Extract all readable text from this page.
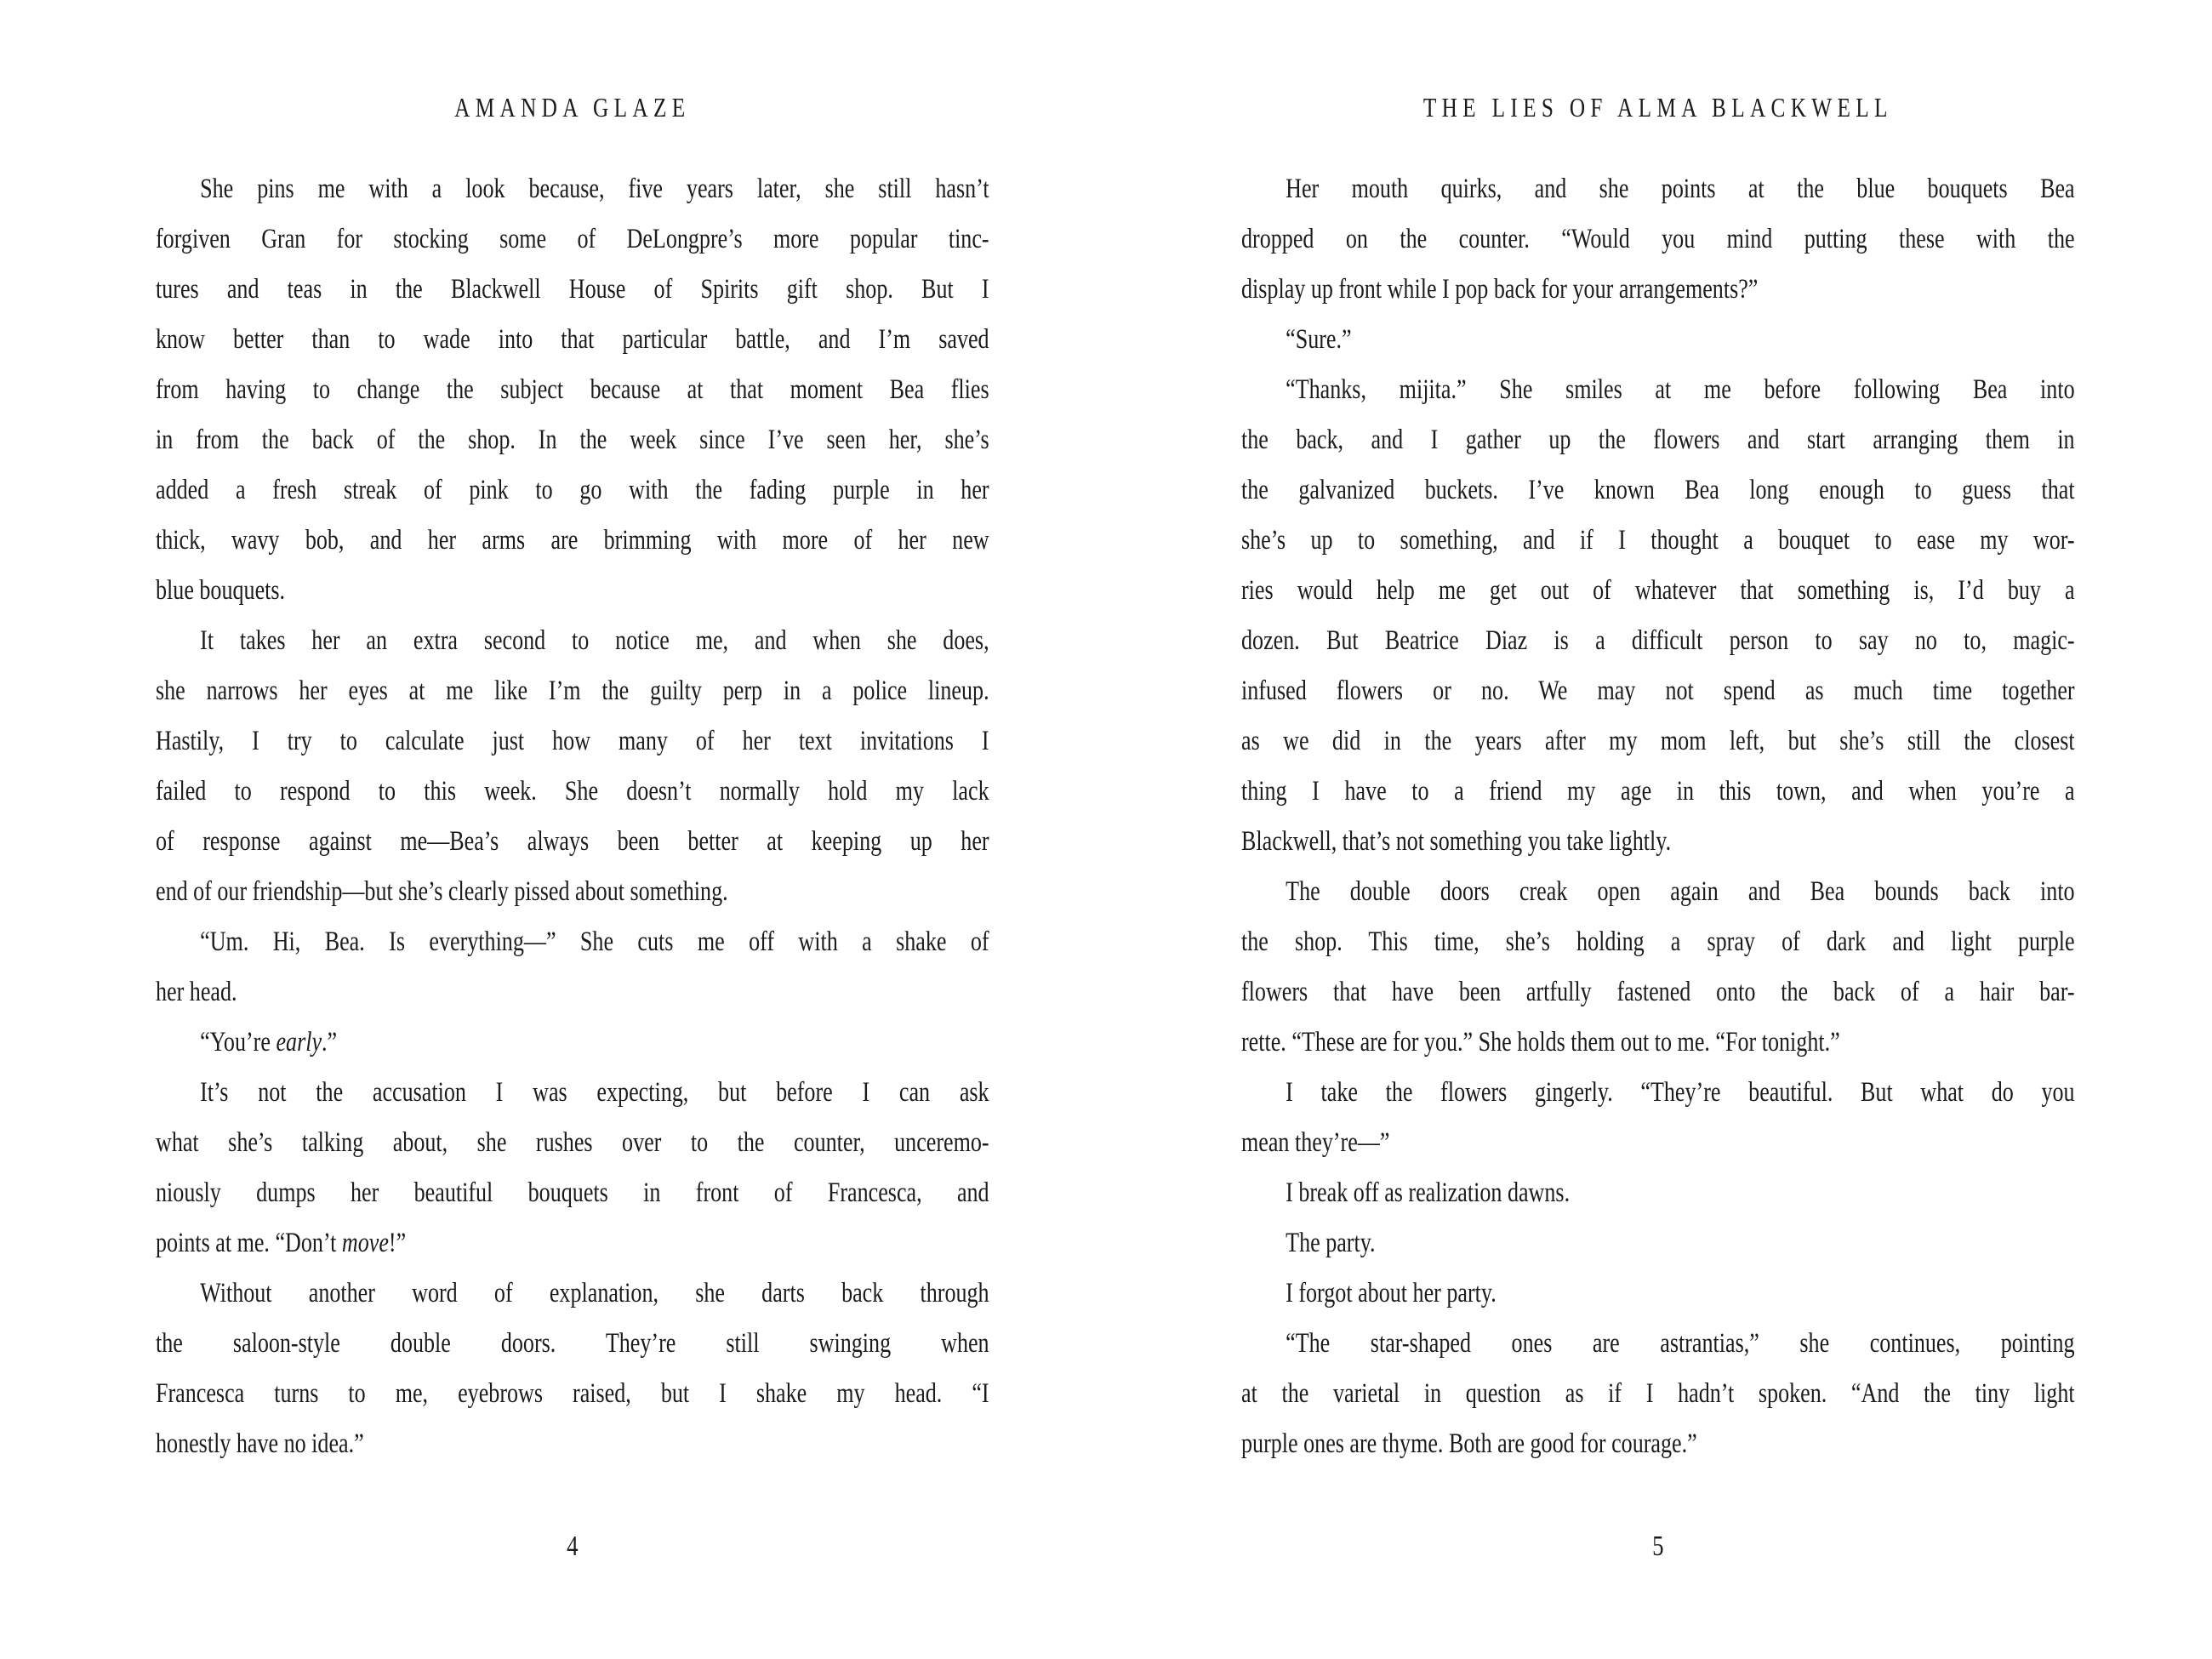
AMANDA GLAZE
She pins me with a look because, five years later, she still hasn’t
forgiven Gran for stocking some of DeLongpre’s more popular tinc-
tures and teas in the Blackwell House of Spirits gift shop. But I
know better than to wade into that particular battle, and I’m saved
from having to change the subject because at that moment Bea flies
in from the back of the shop. In the week since I’ve seen her, she’s
added a fresh streak of pink to go with the fading purple in her
thick, wavy bob, and her arms are brimming with more of her new
blue bouquets.
It takes her an extra second to notice me, and when she does,
she narrows her eyes at me like I’m the guilty perp in a police lineup.
Hastily, I try to calculate just how many of her text invitations I
failed to respond to this week. She doesn’t normally hold my lack
of response against me—Bea’s always been better at keeping up her
end of our friendship—but she’s clearly pissed about something.
“Um. Hi, Bea. Is everything—” She cuts me off with a shake of
her head.
“You’re early.”
It’s not the accusation I was expecting, but before I can ask
what she’s talking about, she rushes over to the counter, unceremo-
niously dumps her beautiful bouquets in front of Francesca, and
points at me. “Don’t move!”
Without another word of explanation, she darts back through
the saloon-style double doors. They’re still swinging when
Francesca turns to me, eyebrows raised, but I shake my head. “I
honestly have no idea.”
4
THE LIES OF ALMA BLACKWELL
Her mouth quirks, and she points at the blue bouquets Bea
dropped on the counter. “Would you mind putting these with the
display up front while I pop back for your arrangements?”
“Sure.”
“Thanks, mijita.” She smiles at me before following Bea into
the back, and I gather up the flowers and start arranging them in
the galvanized buckets. I’ve known Bea long enough to guess that
she’s up to something, and if I thought a bouquet to ease my wor-
ries would help me get out of whatever that something is, I’d buy a
dozen. But Beatrice Diaz is a difficult person to say no to, magic-
infused flowers or no. We may not spend as much time together
as we did in the years after my mom left, but she’s still the closest
thing I have to a friend my age in this town, and when you’re a
Blackwell, that’s not something you take lightly.
The double doors creak open again and Bea bounds back into
the shop. This time, she’s holding a spray of dark and light purple
flowers that have been artfully fastened onto the back of a hair bar-
rette. “These are for you.” She holds them out to me. “For tonight.”
I take the flowers gingerly. “They’re beautiful. But what do you
mean they’re—”
I break off as realization dawns.
The party.
I forgot about her party.
“The star-shaped ones are astrantias,” she continues, pointing
at the varietal in question as if I hadn’t spoken. “And the tiny light
purple ones are thyme. Both are good for courage.”
5
